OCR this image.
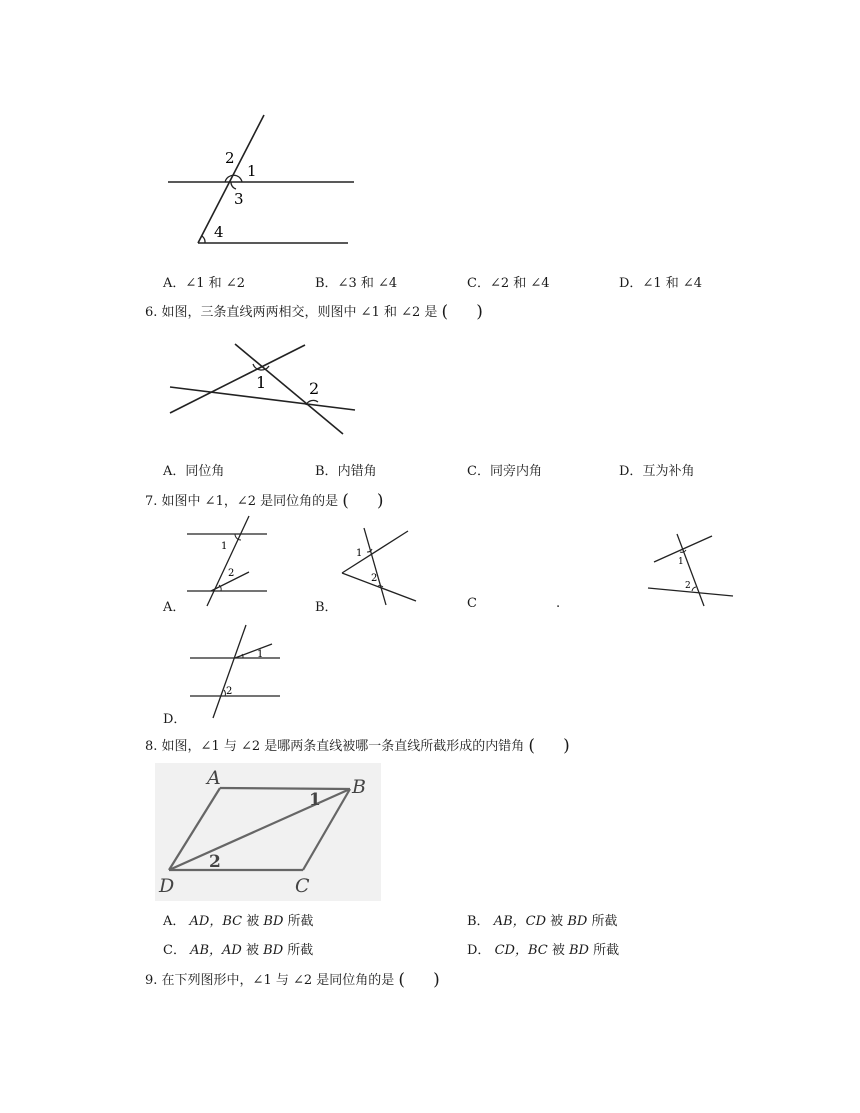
2
1
3
4
A．∠1 和 ∠2	B．∠3 和 ∠4	C．∠2 和 ∠4	D．∠1 和 ∠4
6. 如图，三条直线两两相交，则图中 ∠1 和 ∠2 是 ( )
1	2
A．同位角	B．内错角	C．同旁内角	D．互为补角
7. 如图中 ∠1，∠2 是同位角的是 ( )
1
2
A．
1
2
B．	C	.
1
2
1
2
D．
8. 如图，∠1 与 ∠2 是哪两条直线被哪一条直线所截形成的内错角 ( )
A	B
D	C
1
2
A． AD，BC 被 BD 所截	B． AB，CD 被 BD 所截
C． AB，AD 被 BD 所截	D． CD，BC 被 BD 所截
9. 在下列图形中，∠1 与 ∠2 是同位角的是 ( )
